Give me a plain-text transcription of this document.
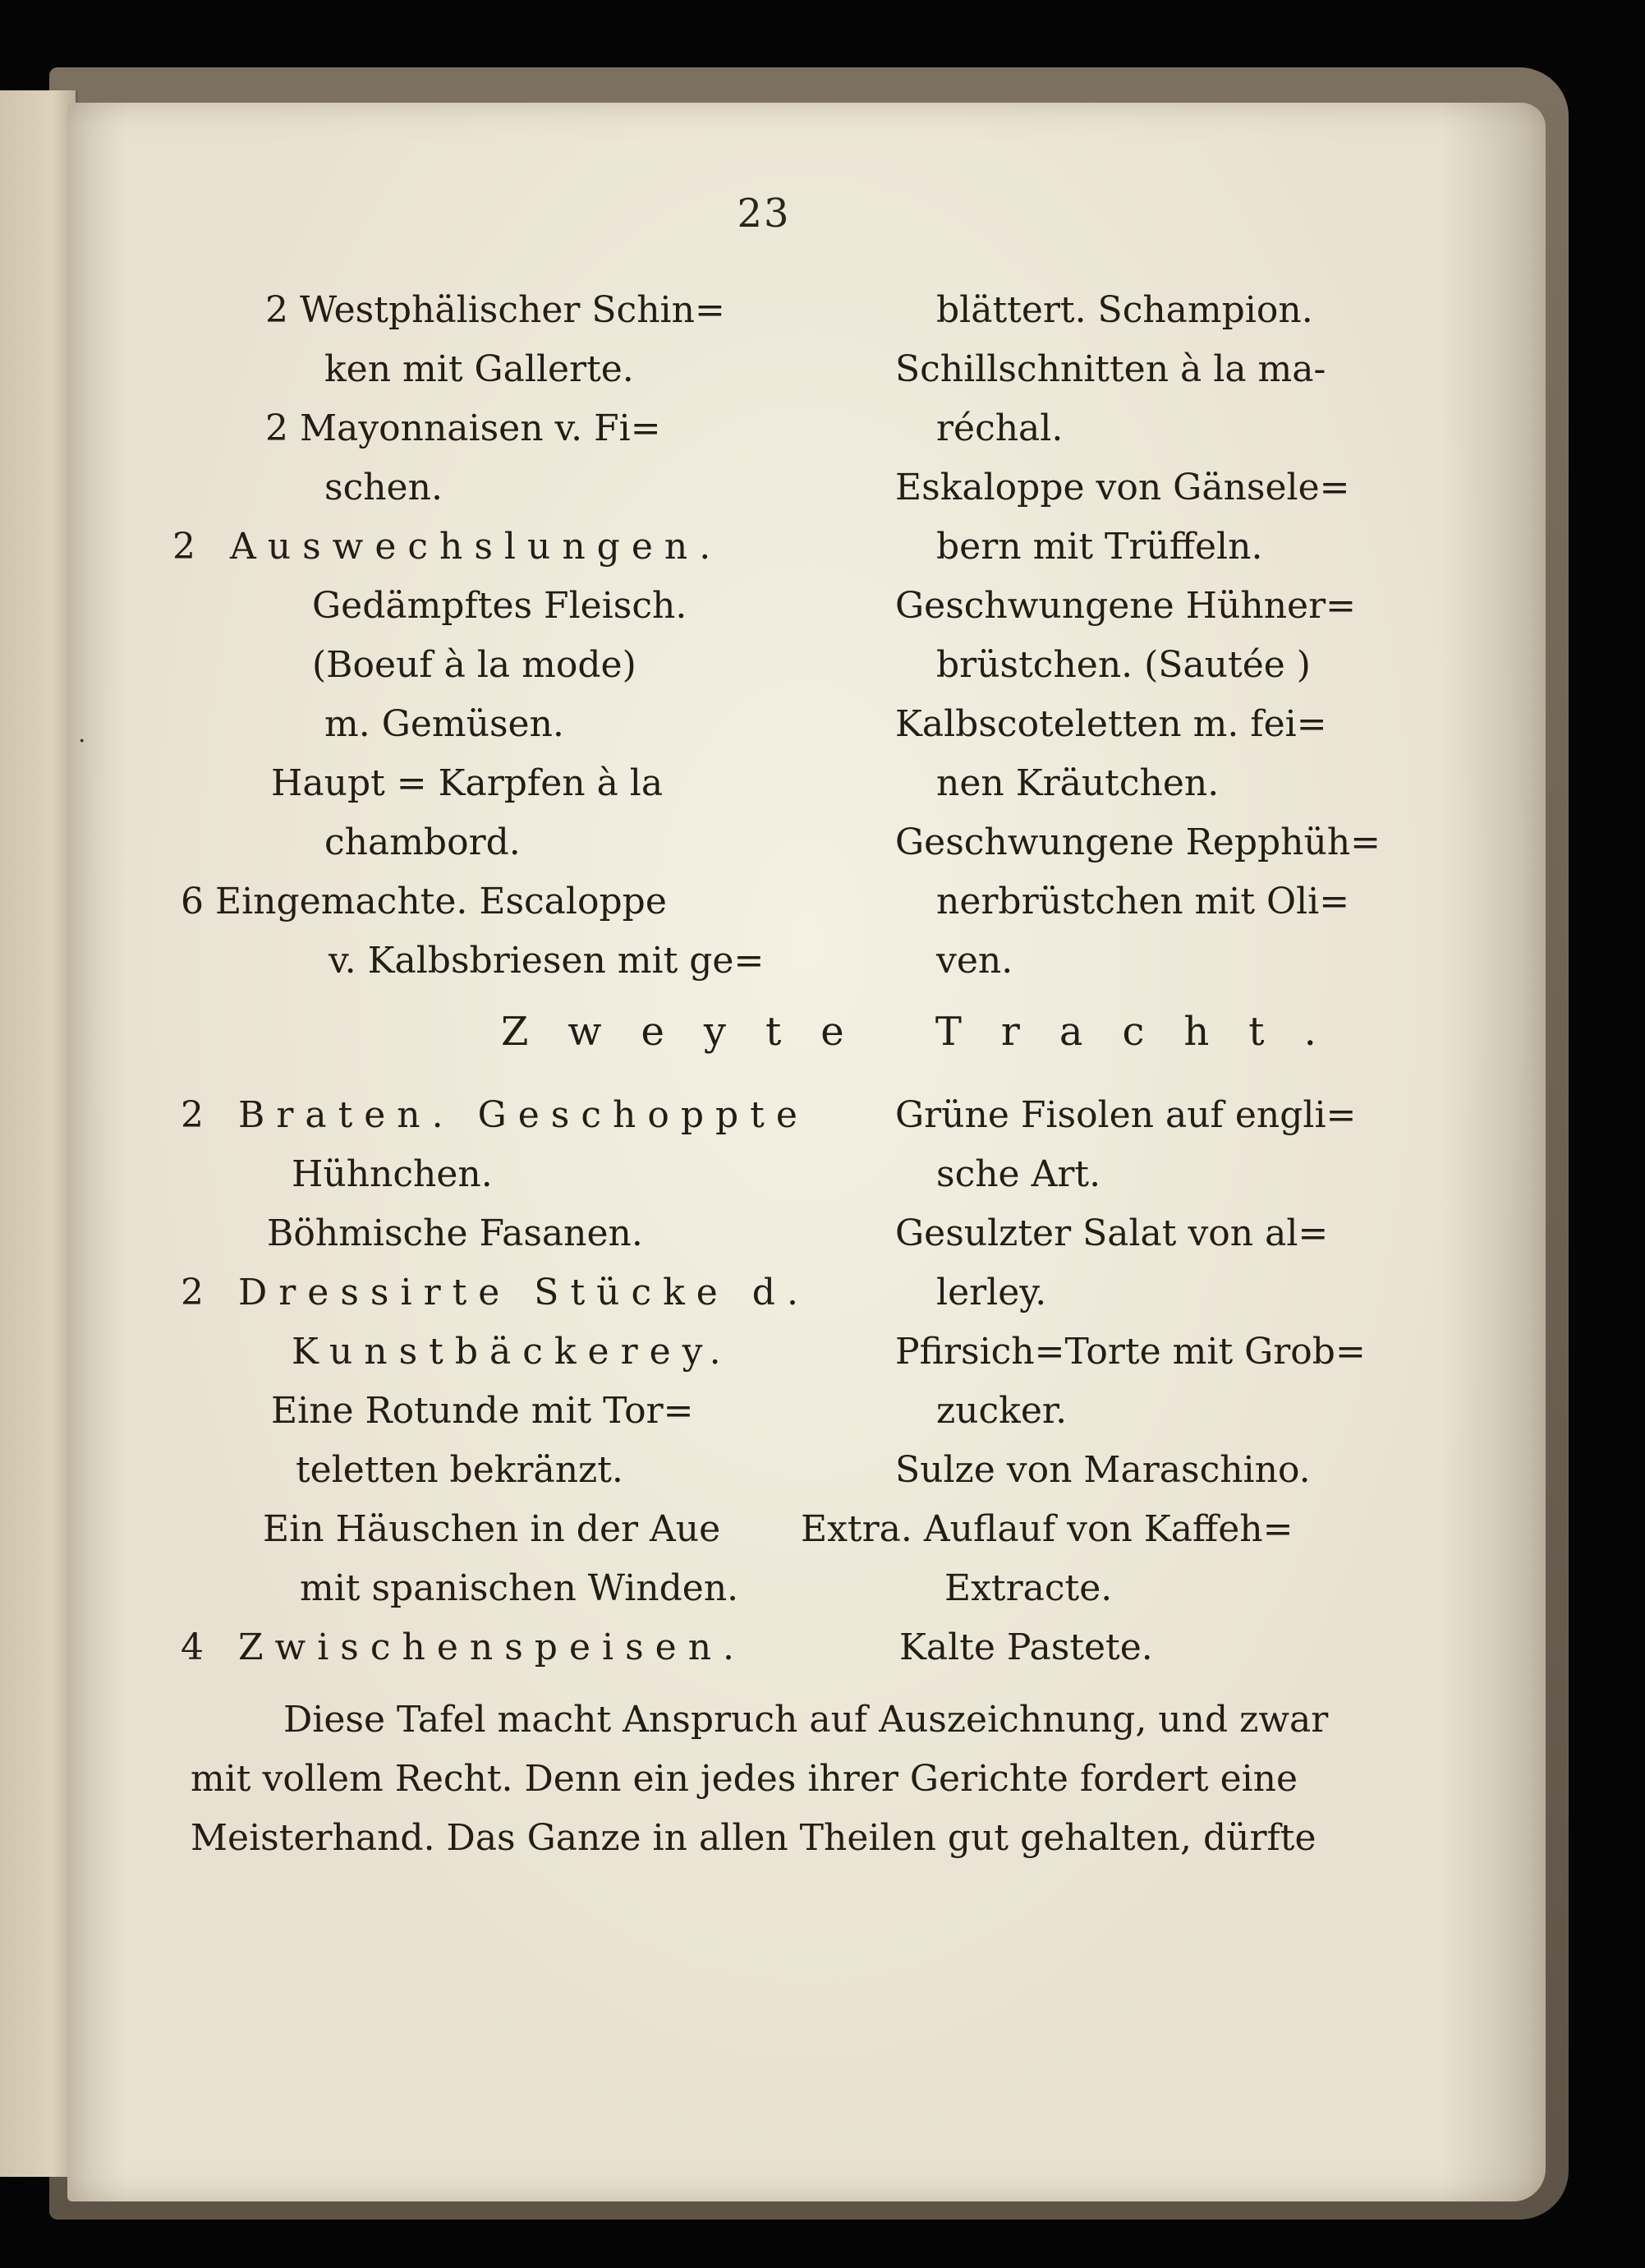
23
2 Westphälischer Schin=
ken mit Gallerte.
2 Mayonnaisen v. Fi=
schen.
2 Auswechslungen.
Gedämpftes Fleisch.
(Boeuf à la mode)
m. Gemüsen.
Haupt = Karpfen à la
chambord.
6 Eingemachte. Escaloppe
v. Kalbsbriesen mit ge=
blättert. Schampion.
Schillschnitten à la ma-
réchal.
Eskaloppe von Gänsele=
bern mit Trüffeln.
Geschwungene Hühner=
brüstchen. (Sautée )
Kalbscoteletten m. fei=
nen Kräutchen.
Geschwungene Repphüh=
nerbrüstchen mit Oli=
ven.
Zweyte Tracht.
2 Braten. Geschoppte
Hühnchen.
Böhmische Fasanen.
2 Dressirte Stücke d.
Kunstbäckerey.
Eine Rotunde mit Tor=
teletten bekränzt.
Ein Häuschen in der Aue
mit spanischen Winden.
4 Zwischenspeisen.
Grüne Fisolen auf engli=
sche Art.
Gesulzter Salat von al=
lerley.
Pfirsich=Torte mit Grob=
zucker.
Sulze von Maraschino.
Extra. Auflauf von Kaffeh=
Extracte.
Kalte Pastete.
Diese Tafel macht Anspruch auf Auszeichnung, und zwar
mit vollem Recht. Denn ein jedes ihrer Gerichte fordert eine
Meisterhand. Das Ganze in allen Theilen gut gehalten, dürfte
·
